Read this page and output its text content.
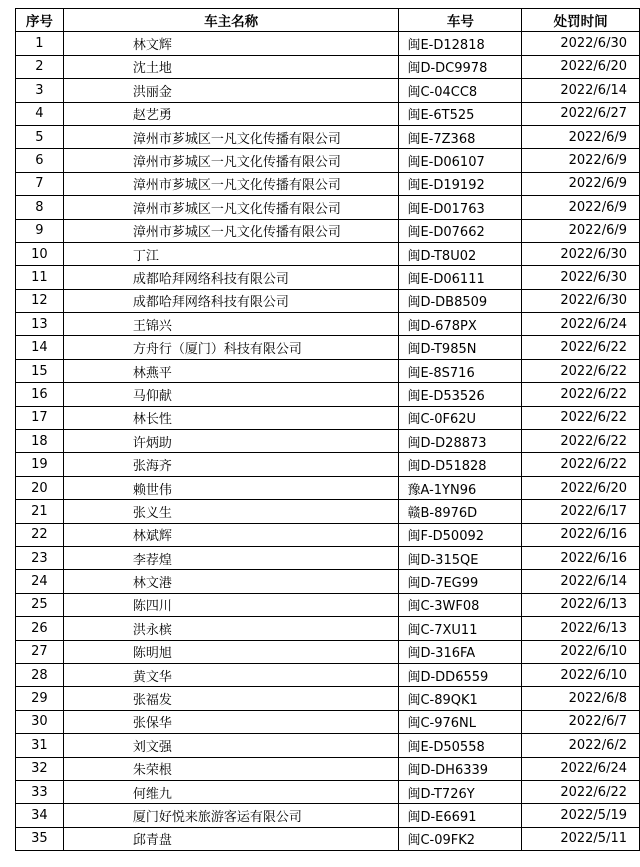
序号	车主名称	车号	处罚时间
1	林文辉	闽E-D12818	2022/6/30
2	沈土地	闽D-DC9978	2022/6/20
3	洪丽金	闽C-04CC8	2022/6/14
4	赵艺勇	闽E-6T525	2022/6/27
5	漳州市芗城区一凡文化传播有限公司	闽E-7Z368	2022/6/9
6	漳州市芗城区一凡文化传播有限公司	闽E-D06107	2022/6/9
7	漳州市芗城区一凡文化传播有限公司	闽E-D19192	2022/6/9
8	漳州市芗城区一凡文化传播有限公司	闽E-D01763	2022/6/9
9	漳州市芗城区一凡文化传播有限公司	闽E-D07662	2022/6/9
10	丁江	闽D-T8U02	2022/6/30
11	成都哈拜网络科技有限公司	闽E-D06111	2022/6/30
12	成都哈拜网络科技有限公司	闽D-DB8509	2022/6/30
13	王锦兴	闽D-678PX	2022/6/24
14	方舟行（厦门）科技有限公司	闽D-T985N	2022/6/22
15	林燕平	闽E-8S716	2022/6/22
16	马仰献	闽E-D53526	2022/6/22
17	林长性	闽C-0F62U	2022/6/22
18	许炳助	闽D-D28873	2022/6/22
19	张海齐	闽D-D51828	2022/6/22
20	赖世伟	豫A-1YN96	2022/6/20
21	张义生	赣B-8976D	2022/6/17
22	林斌辉	闽F-D50092	2022/6/16
23	李荐煌	闽D-315QE	2022/6/16
24	林文港	闽D-7EG99	2022/6/14
25	陈四川	闽C-3WF08	2022/6/13
26	洪永槟	闽C-7XU11	2022/6/13
27	陈明旭	闽D-316FA	2022/6/10
28	黄文华	闽D-DD6559	2022/6/10
29	张福发	闽C-89QK1	2022/6/8
30	张保华	闽C-976NL	2022/6/7
31	刘文强	闽E-D50558	2022/6/2
32	朱荣根	闽D-DH6339	2022/6/24
33	何维九	闽D-T726Y	2022/6/22
34	厦门好悦来旅游客运有限公司	闽D-E6691	2022/5/19
35	邱青盘	闽C-09FK2	2022/5/11
